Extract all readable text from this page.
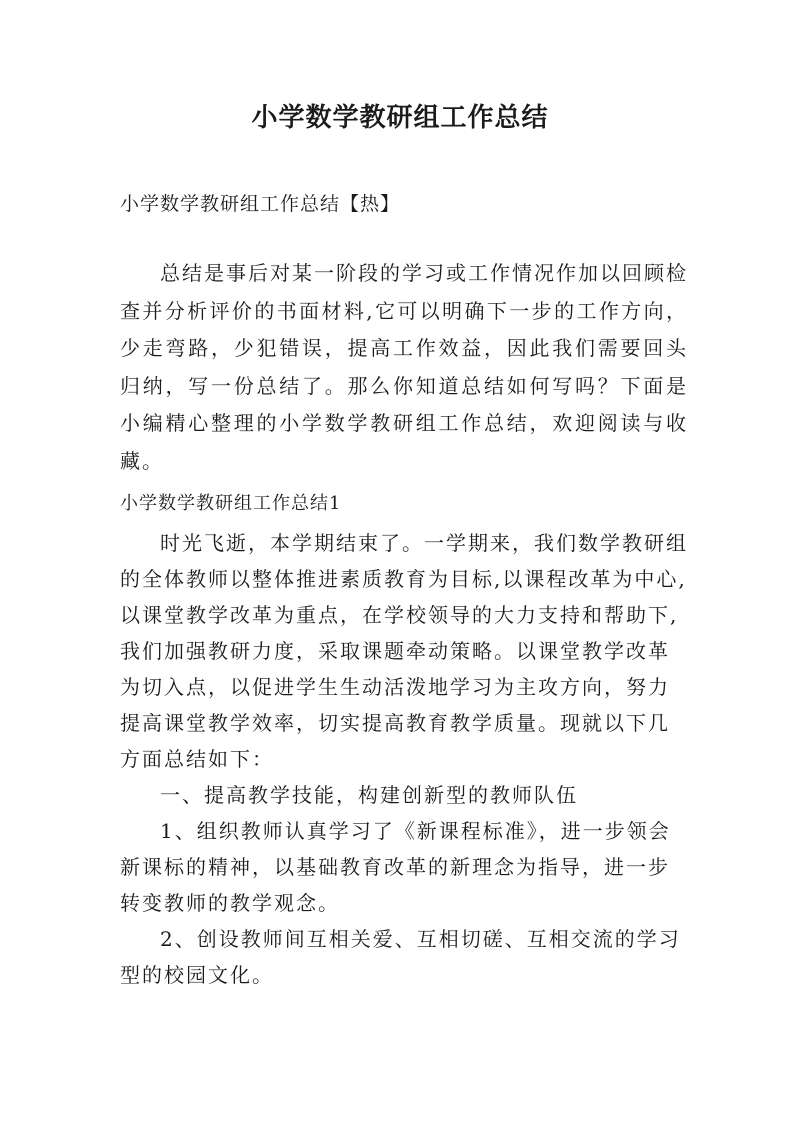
小学数学教研组工作总结
小学数学教研组工作总结【热】

总结是事后对某一阶段的学习或工作情况作加以回顾检查并分析评价的书面材料,它可以明确下一步的工作方向，少走弯路，少犯错误，提高工作效益，因此我们需要回头归纳，写一份总结了。那么你知道总结如何写吗？下面是小编精心整理的小学数学教研组工作总结，欢迎阅读与收藏。

小学数学教研组工作总结1

时光飞逝，本学期结束了。一学期来，我们数学教研组的全体教师以整体推进素质教育为目标,以课程改革为中心,以课堂教学改革为重点，在学校领导的大力支持和帮助下,我们加强教研力度，采取课题牵动策略。以课堂教学改革为切入点，以促进学生生动活泼地学习为主攻方向，努力提高课堂教学效率，切实提高教育教学质量。现就以下几方面总结如下：

一、提高教学技能，构建创新型的教师队伍

1、组织教师认真学习了《新课程标准》，进一步领会新课标的精神，以基础教育改革的新理念为指导，进一步转变教师的教学观念。

2、创设教师间互相关爱、互相切磋、互相交流的学习型的校园文化。
